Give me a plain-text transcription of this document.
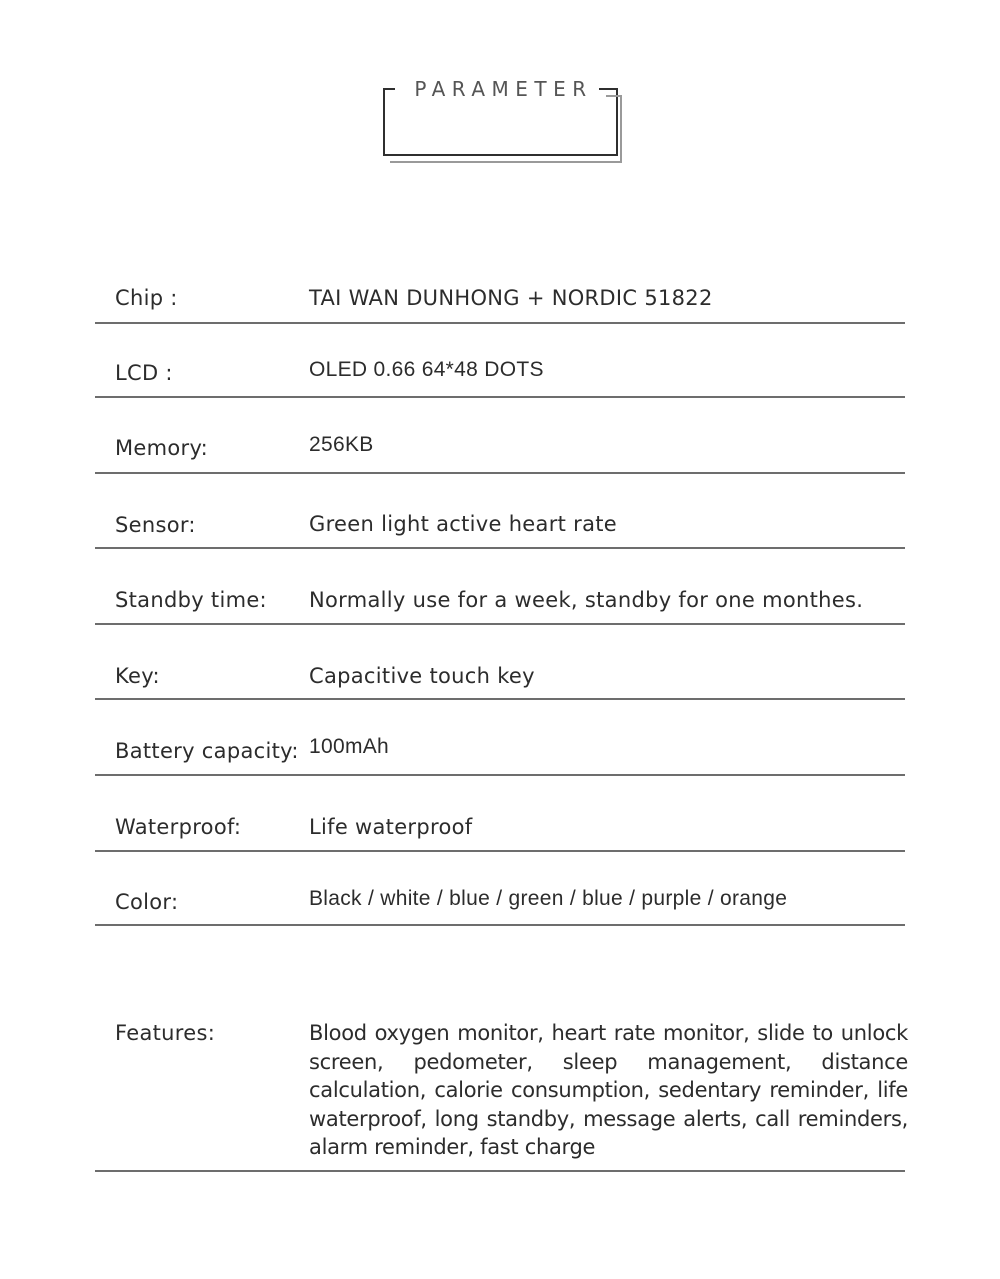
PARAMETER
Chip :	TAI WAN DUNHONG + NORDIC 51822
LCD :	OLED 0.66 64*48 DOTS
Memory:	256KB
Sensor:	Green light active heart rate
Standby time: Normally use for a week, standby for one monthes.
Key:	Capacitive touch key
Battery capacity: 100mAh
Waterproof:	Life waterproof
Color:	Black / white / blue / green / blue / purple / orange
Features:	Blood oxygen monitor, heart rate monitor, slide to unlock screen, pedometer, sleep management, distance calculation, calorie consumption, sedentary reminder, life waterproof, long standby, message alerts, call reminders, alarm reminder, fast charge
